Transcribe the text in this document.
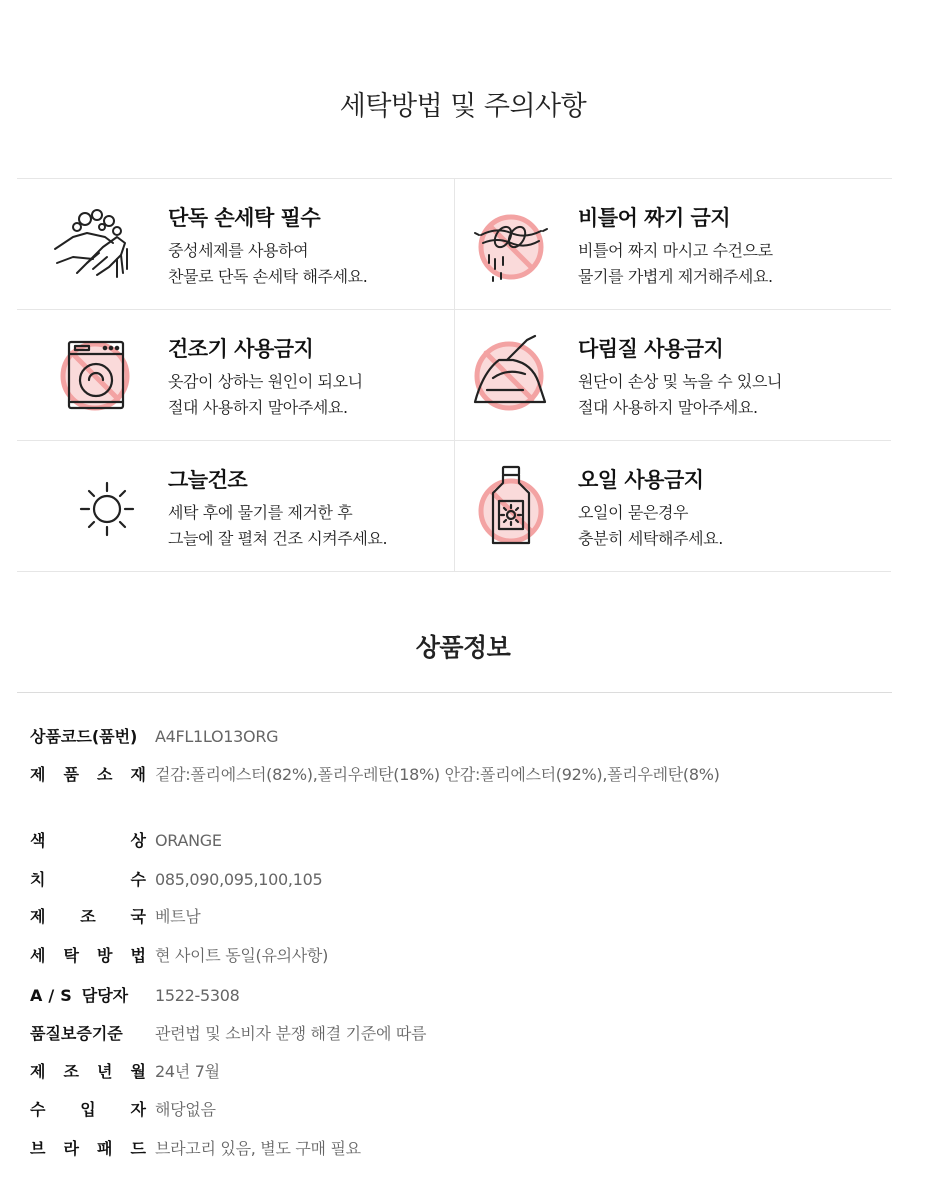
세탁방법 및 주의사항
단독 손세탁 필수
중성세제를 사용하여
찬물로 단독 손세탁 해주세요.
비틀어 짜기 금지
비틀어 짜지 마시고 수건으로
물기를 가볍게 제거해주세요.
건조기 사용금지
옷감이 상하는 원인이 되오니
절대 사용하지 말아주세요.
다림질 사용금지
원단이 손상 및 녹을 수 있으니
절대 사용하지 말아주세요.
그늘건조
세탁 후에 물기를 제거한 후
그늘에 잘 펼쳐 건조 시켜주세요.
오일 사용금지
오일이 묻은경우
충분히 세탁해주세요.
상품정보
상품코드(품번)	A4FL1LO13ORG
제 품 소 재 겉감:폴리에스터(82%),폴리우레탄(18%) 안감:폴리에스터(92%),폴리우레탄(8%)
색	상 ORANGE
치	수 085,090,095,100,105
제 조 국 베트남
세 탁 방 법 현 사이트 동일(유의사항)
A / S 담당자 1522-5308
품질보증기준	관련법 및 소비자 분쟁 해결 기준에 따름
제 조 년 월 24년 7월
수 입 자 해당없음
브 라 패 드 브라고리 있음, 별도 구매 필요
